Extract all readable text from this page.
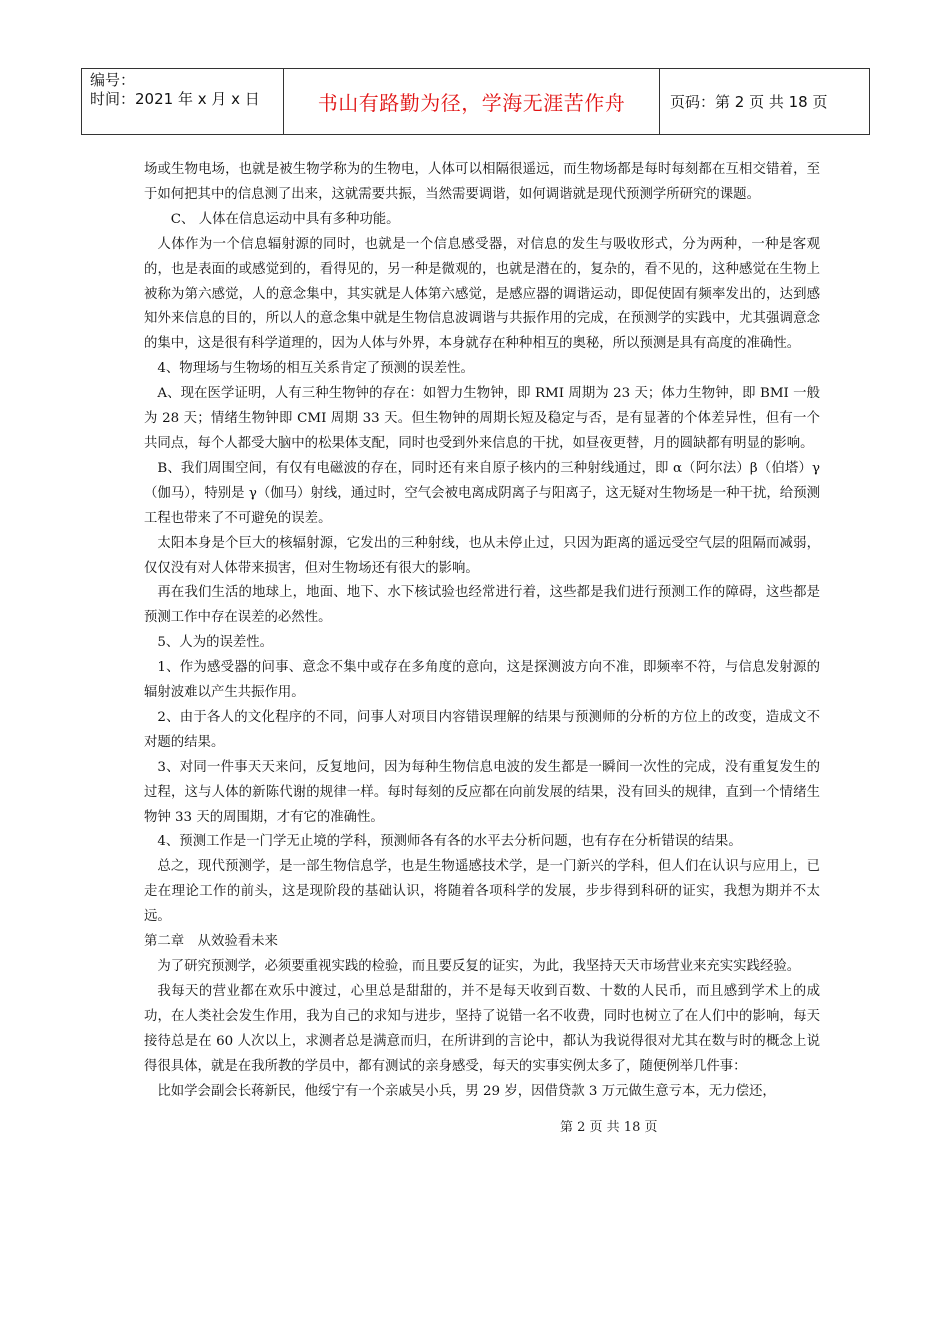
编号：
时间：2021 年 x 月 x 日	书山有路勤为径，学海无涯苦作舟	页码：第 2 页 共 18 页

场或生物电场，也就是被生物学称为的生物电，人体可以相隔很遥远，而生物场都是每时每刻都在互相交错着，至于如何把其中的信息测了出来，这就需要共振，当然需要调谐，如何调谐就是现代预测学所研究的课题。

C、 人体在信息运动中具有多种功能。

人体作为一个信息辐射源的同时，也就是一个信息感受器，对信息的发生与吸收形式，分为两种，一种是客观的，也是表面的或感觉到的，看得见的，另一种是微观的，也就是潜在的，复杂的，看不见的，这种感觉在生物上被称为第六感觉，人的意念集中，其实就是人体第六感觉，是感应器的调谐运动，即促使固有频率发出的，达到感知外来信息的目的，所以人的意念集中就是生物信息波调谐与共振作用的完成，在预测学的实践中，尤其强调意念的集中，这是很有科学道理的，因为人体与外界，本身就存在种种相互的奥秘，所以预测是具有高度的准确性。

4、物理场与生物场的相互关系肯定了预测的误差性。

A、现在医学证明，人有三种生物钟的存在：如智力生物钟，即 RMI 周期为 23 天；体力生物钟，即 BMI 一般为 28 天；情绪生物钟即 CMI 周期 33 天。但生物钟的周期长短及稳定与否，是有显著的个体差异性，但有一个共同点，每个人都受大脑中的松果体支配，同时也受到外来信息的干扰，如昼夜更替，月的圆缺都有明显的影响。

B、我们周围空间，有仅有电磁波的存在，同时还有来自原子核内的三种射线通过，即 α（阿尔法）β（伯塔）γ（伽马），特别是 γ（伽马）射线，通过时，空气会被电离成阴离子与阳离子，这无疑对生物场是一种干扰，给预测工程也带来了不可避免的误差。

太阳本身是个巨大的核辐射源，它发出的三种射线，也从未停止过，只因为距离的遥远受空气层的阻隔而减弱，仅仅没有对人体带来损害，但对生物场还有很大的影响。

再在我们生活的地球上，地面、地下、水下核试验也经常进行着，这些都是我们进行预测工作的障碍，这些都是预测工作中存在误差的必然性。

5、人为的误差性。

1、作为感受器的问事、意念不集中或存在多角度的意向，这是探测波方向不准，即频率不符，与信息发射源的辐射波难以产生共振作用。

2、由于各人的文化程序的不同，问事人对项目内容错误理解的结果与预测师的分析的方位上的改变，造成文不对题的结果。

3、对同一件事天天来问，反复地问，因为每种生物信息电波的发生都是一瞬间一次性的完成，没有重复发生的过程，这与人体的新陈代谢的规律一样。每时每刻的反应都在向前发展的结果，没有回头的规律，直到一个情绪生物钟 33 天的周围期，才有它的准确性。

4、预测工作是一门学无止境的学科，预测师各有各的水平去分析问题，也有存在分析错误的结果。

总之，现代预测学，是一部生物信息学，也是生物遥感技术学，是一门新兴的学科，但人们在认识与应用上，已走在理论工作的前头，这是现阶段的基础认识，将随着各项科学的发展，步步得到科研的证实，我想为期并不太远。

第二章　从效验看未来

为了研究预测学，必须要重视实践的检验，而且要反复的证实，为此，我坚持天天市场营业来充实实践经验。

我每天的营业都在欢乐中渡过，心里总是甜甜的，并不是每天收到百数、十数的人民币，而且感到学术上的成功，在人类社会发生作用，我为自己的求知与进步，坚持了说错一名不收费，同时也树立了在人们中的影响，每天接待总是在 60 人次以上，求测者总是满意而归，在所讲到的言论中，都认为我说得很对尤其在数与时的概念上说得很具体，就是在我所教的学员中，都有测试的亲身感受，每天的实事实例太多了，随便例举几件事：

比如学会副会长蒋新民，他绥宁有一个亲戚吴小兵，男 29 岁，因借贷款 3 万元做生意亏本，无力偿还，

第 2 页 共 18 页
